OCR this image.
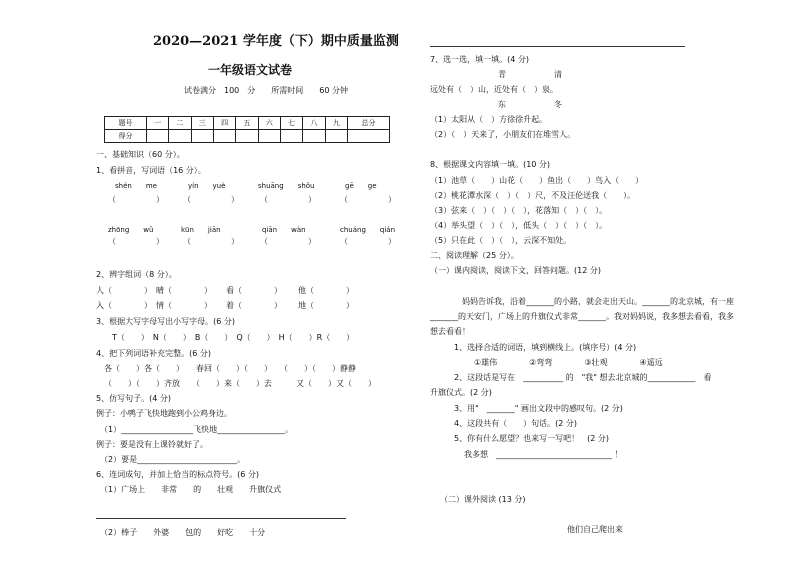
2020—2021 学年度（下）期中质量监测
一年级语文试卷
试卷满分　100　分　　所需时间　　60 分钟
题号	一	二	三	四	五	六	七	八	九	总分
得分										
一、基础知识（60 分）。
1、看拼音，写词语（16 分）。
shén　　me	yín　　yuè	shuāng　　shǒu	gē　　ge
（　　　　　） （　　　　　）	（　　　　　）	（　　　　　）
zhōng　　wǔ	kūn　　jiān	qiān　　wàn	chuáng　　qián
（　　　　　） （　　　　　）	（　　　　　）	（　　　　　）
2、辨字组词（8 分）。
人（　　　　） 晴（　　　　） 看（　　　　） 他（　　　　）
入（　　　　） 情（　　　　） 着（　　　　） 地（　　　　）
3、根据大写字母写出小写字母。(6 分)
T（　　）　N（　　）　B（　　）　Q（　　）　H（　　）R（　　）
4、把下列词语补充完整。(6 分)
各（　　）各（　　）　　春回（　　）（　　）　　（　　）（　　）静静
（　　）（　　）齐放　　（　　）来（　　）去　　　又（　　）又（　　）
5、仿写句子。(4 分)
例子：小鸭子飞快地跑到小公鸡身边。
（1）__________________飞快地_________________。
例子：要是没有上课铃就好了。
（2）要是_________________________。
6、连词成句，并加上恰当的标点符号。(6 分)
（1）广场上　　非常　　的　　壮观　　升旗仪式
（2）棒子　　外婆　　包的　　好吃　　十分
7、选一选，填一填。(4 分)
青　　　　　　清
远处有（　）山，近处有（　）泉。
东　　　　　　冬
（1）太阳从（　）方徐徐升起。
（2）（　）天来了，小朋友们在堆雪人。
8、根据课文内容填一填。(10 分)
（1）池草（　　）山花（　　）鱼出（　　）鸟入（　　）
（2）桃花潭水深（　）（　）尺，不及汪伦送我（　　）。
（3）弦来（　）（　）（　），花落知（　）（　）。
（4）举头望（　）（　），低头（　）（　）（　）。
（5）只在此（　）（　），云深不知处。
二、阅读理解（25 分）。
（一）课内阅读，阅读下文，回答问题。(12 分)
妈妈告诉我，沿着_______的小路，就会走出天山。_______的北京城，有一座
_______的天安门，广场上的升旗仪式非常_______。我对妈妈说，我多想去看看，我多
想去看看！
1、选择合适的词语，填到横线上。(填序号）(4 分)
①雄伟　　　　②弯弯　　　　③壮观　　　　④遥远
2、这段话是写在　__________ 的　"我" 想去北京城的____________　看
升旗仪式。(2 分)
3、用"　_______" 画出文段中的感叹句。(2 分)
4、这段共有（　　）句话。(2 分)
5、你有什么愿望？也来写一写吧！　(2 分)
我多想　_____________________________ ！
（二）课外阅读 (13 分)
他们自己爬出来
